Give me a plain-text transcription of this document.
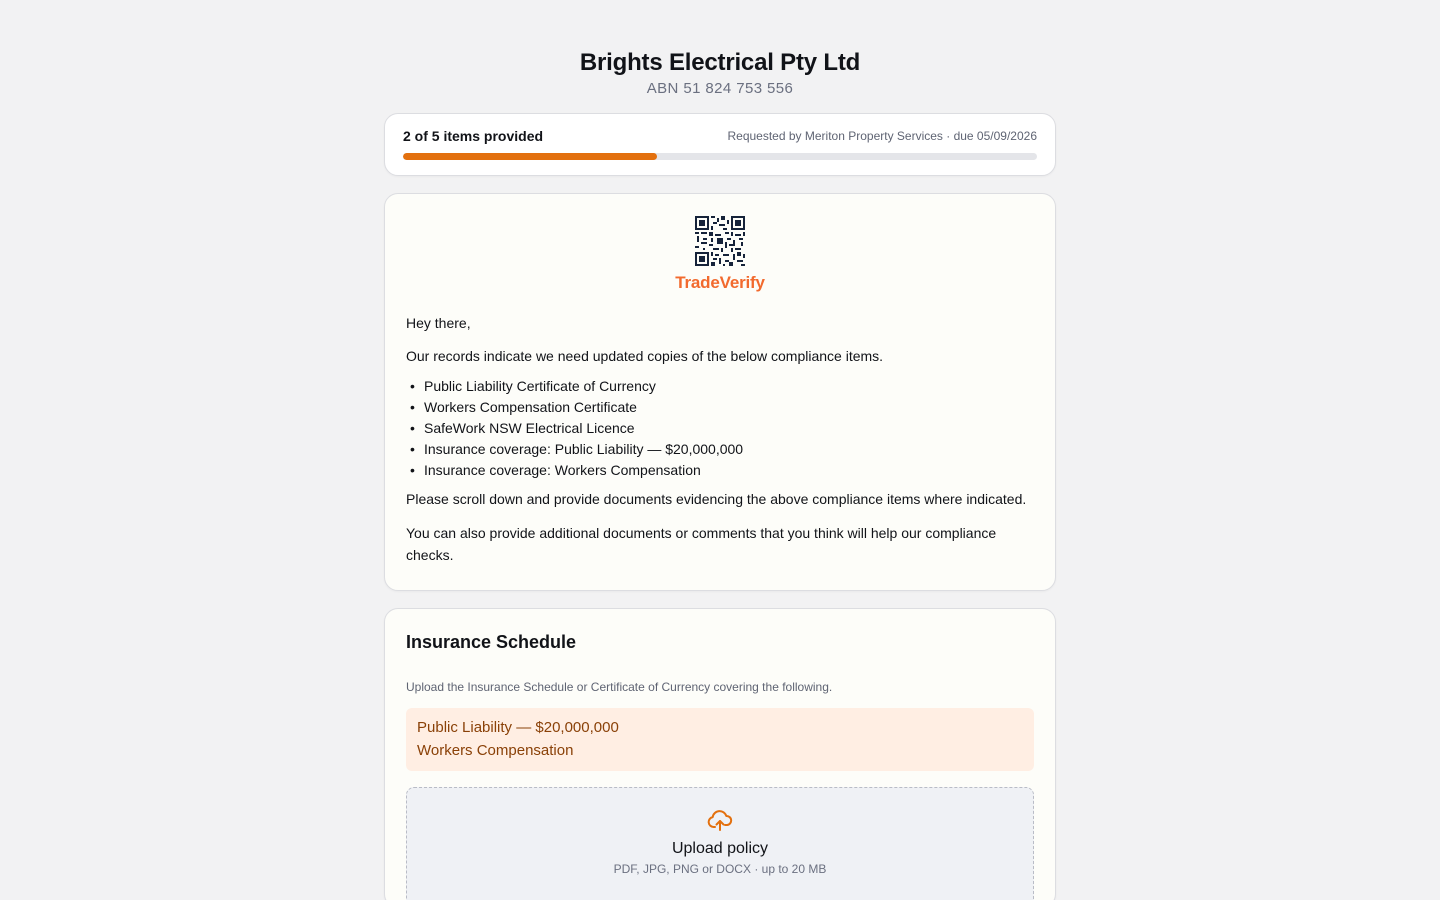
Brights Electrical Pty Ltd
ABN 51 824 753 556
2 of 5 items provided	Requested by Meriton Property Services · due 05/09/2026
TradeVerify

Hey there,

Our records indicate we need updated copies of the below compliance items.

• Public Liability Certificate of Currency
• Workers Compensation Certificate
• SafeWork NSW Electrical Licence
• Insurance coverage: Public Liability — $20,000,000
• Insurance coverage: Workers Compensation

Please scroll down and provide documents evidencing the above compliance items where indicated.

You can also provide additional documents or comments that you think will help our compliance checks.

Insurance Schedule
Upload the Insurance Schedule or Certificate of Currency covering the following.
Public Liability — $20,000,000
Workers Compensation
Upload policy
PDF, JPG, PNG or DOCX · up to 20 MB
